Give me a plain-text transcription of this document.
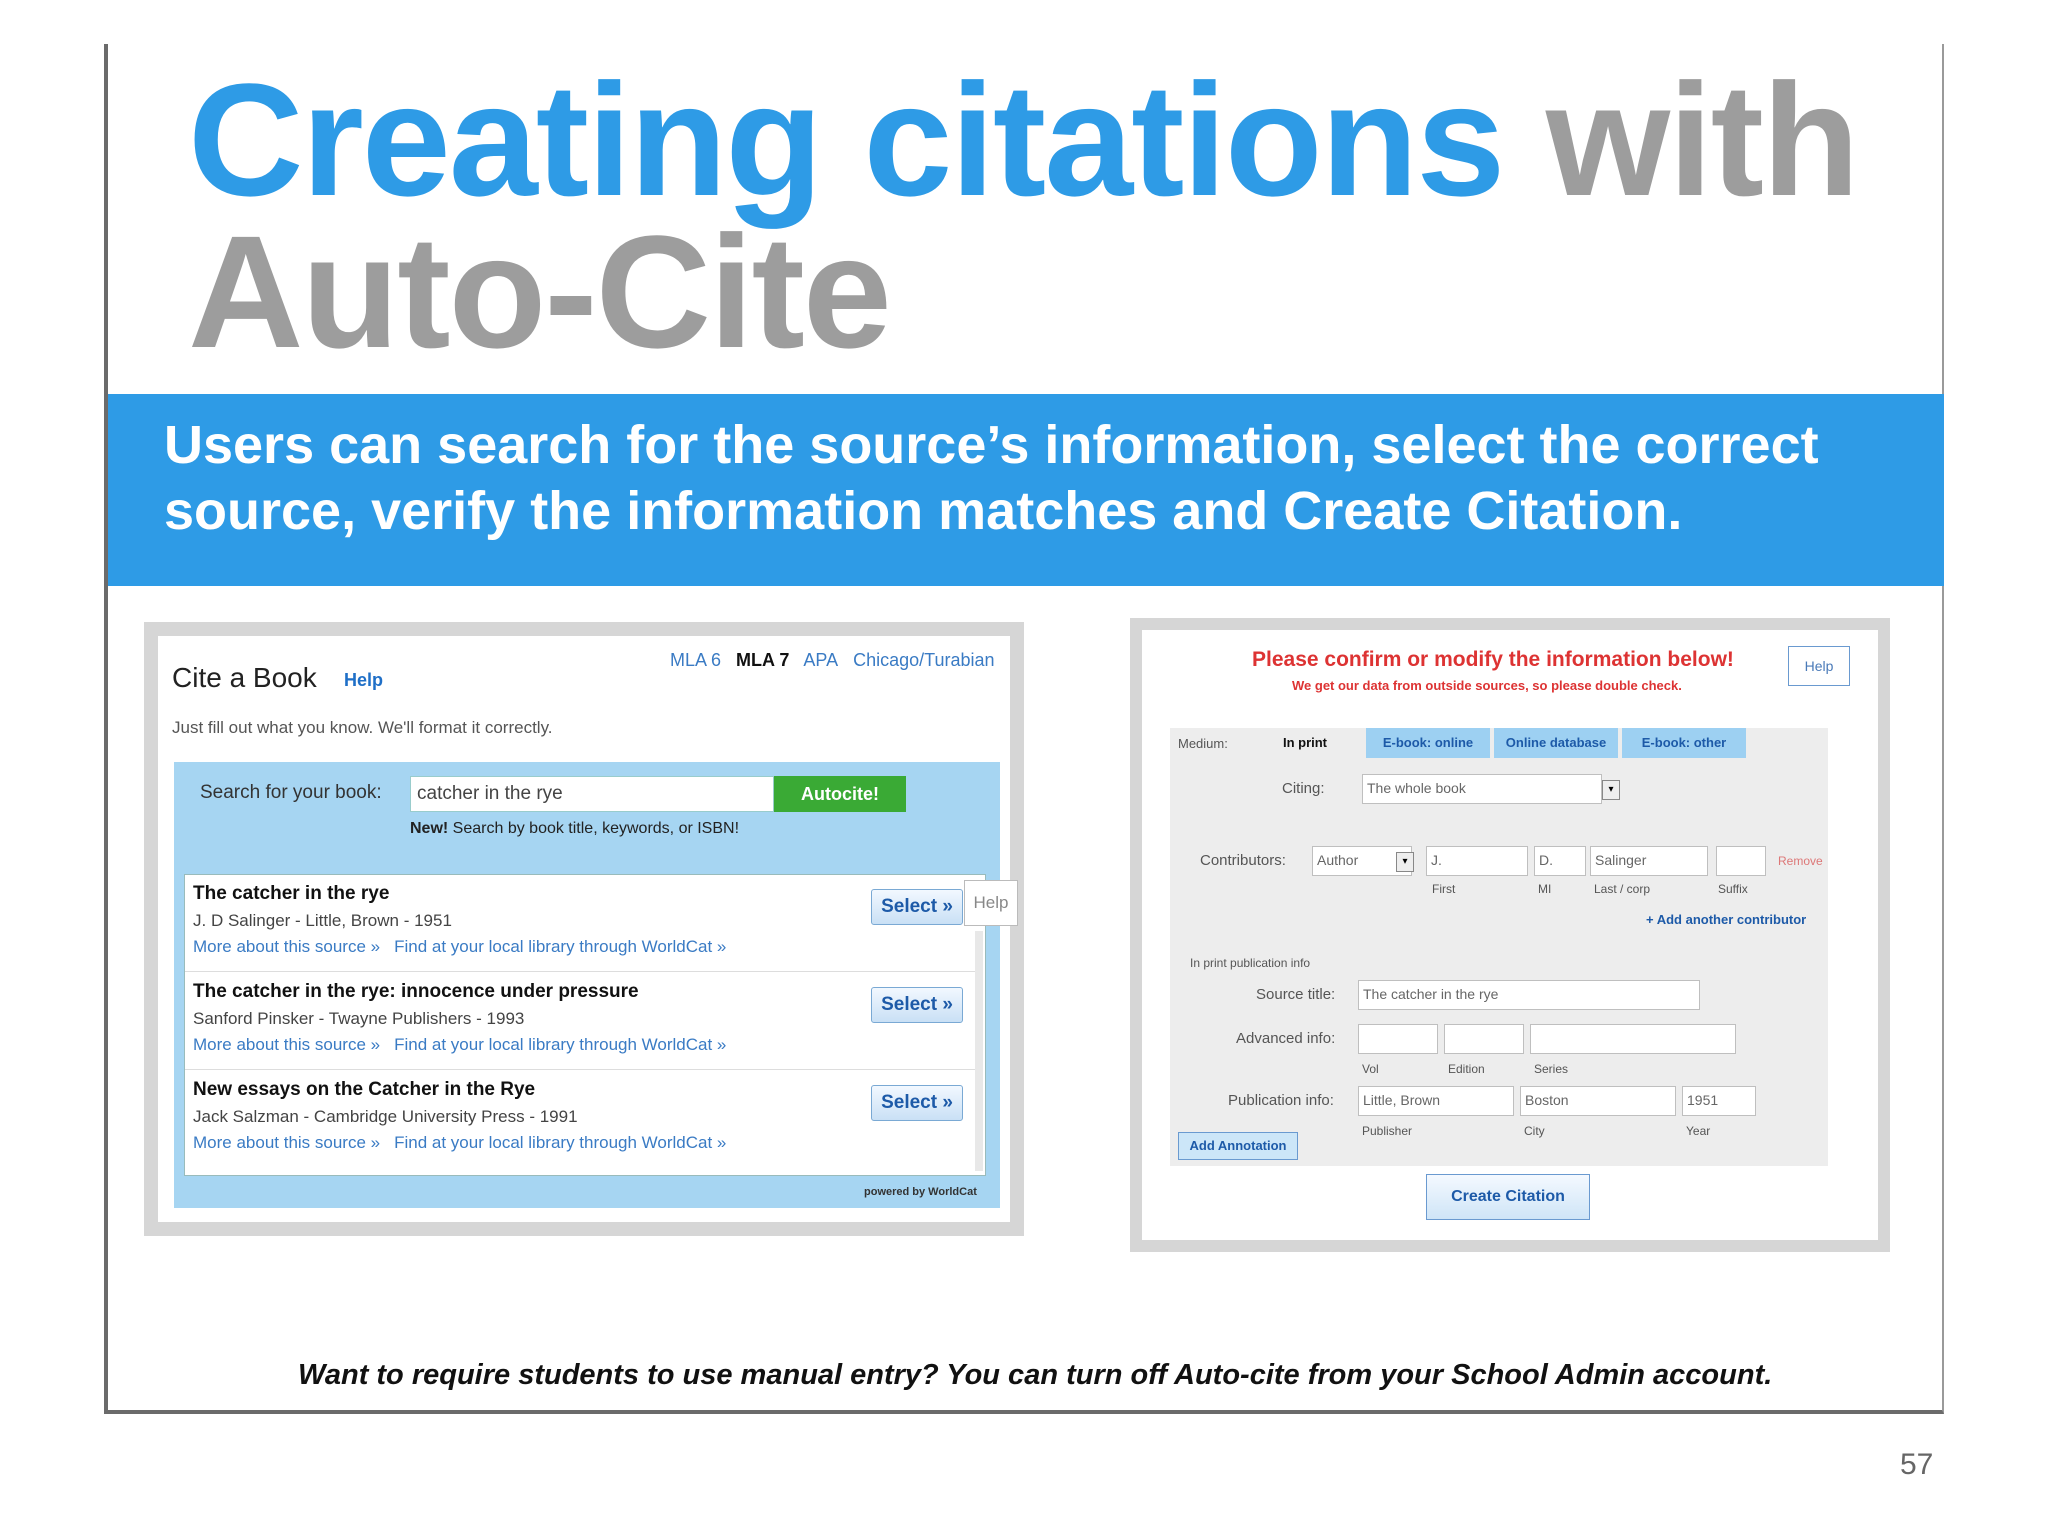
Creating citations with
Auto-Cite
Users can search for the source’s information, select the correct source, verify the information matches and Create Citation.
Want to require students to use manual entry? You can turn off Auto-cite from your School Admin account.
57
Cite a Book Help
MLA 6 MLA 7 APA Chicago/Turabian
Just fill out what you know. We'll format it correctly.
Search for your book:	catcher in the rye	Autocite!
New! Search by book title, keywords, or ISBN!
The catcher in the rye
J. D Salinger - Little, Brown - 1951
More about this source » Find at your local library through WorldCat »
Select »
The catcher in the rye: innocence under pressure
Sanford Pinsker - Twayne Publishers - 1993
More about this source » Find at your local library through WorldCat »
Select »
New essays on the Catcher in the Rye
Jack Salzman - Cambridge University Press - 1991
More about this source » Find at your local library through WorldCat »
Select »
Help
powered by WorldCat
Please confirm or modify the information below!
We get our data from outside sources, so please double check.
Help
Medium:	In print	E-book: online	Online database	E-book: other
Citing:	The whole book	▾
Contributors:	Author	▾	J.	D.	Salinger	Remove
First	MI	Last / corp	Suffix
+ Add another contributor
In print publication info
Source title:	The catcher in the rye
Advanced info:
Vol	Edition	Series
Publication info:	Little, Brown	Boston	1951
Publisher	City	Year
Add Annotation
Create Citation
